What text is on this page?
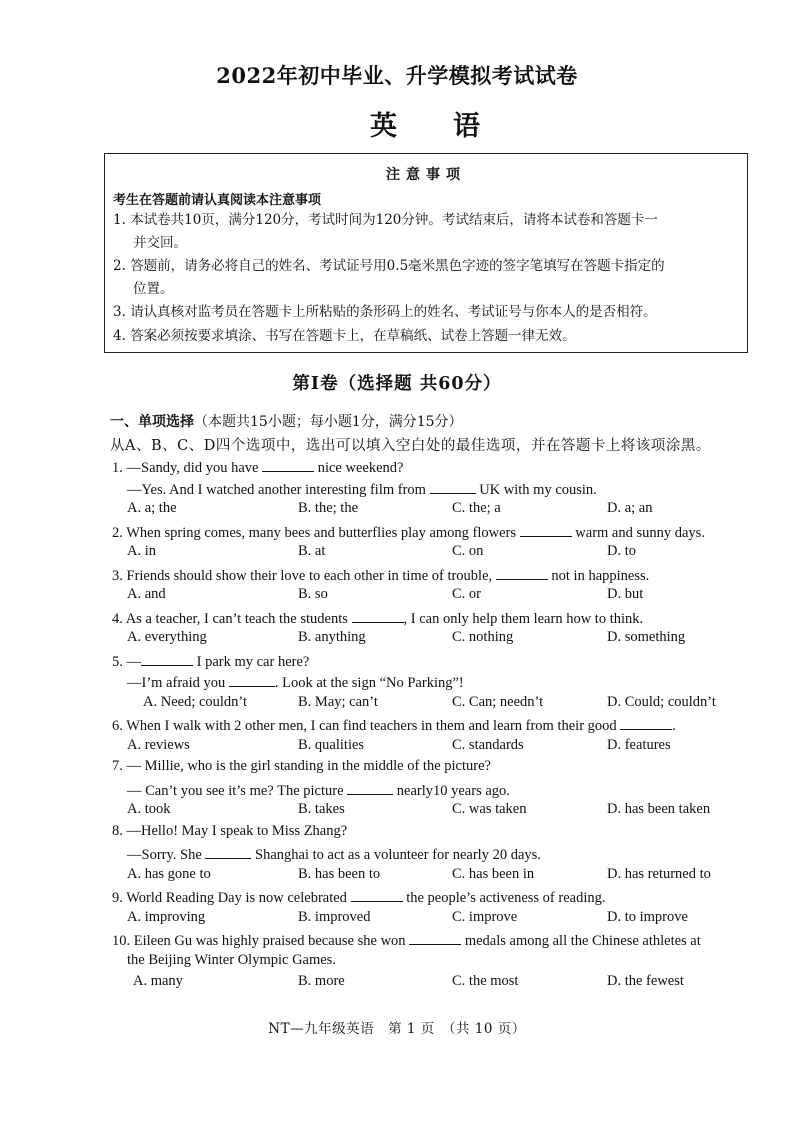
2022年初中毕业、升学模拟考试试卷
英语
注意事项
考生在答题前请认真阅读本注意事项
1. 本试卷共10页，满分120分，考试时间为120分钟。考试结束后，请将本试卷和答题卡一
并交回。
2. 答题前，请务必将自己的姓名、考试证号用0.5毫米黑色字迹的签字笔填写在答题卡指定的
位置。
3. 请认真核对监考员在答题卡上所粘贴的条形码上的姓名、考试证号与你本人的是否相符。
4. 答案必须按要求填涂、书写在答题卡上，在草稿纸、试卷上答题一律无效。
第Ⅰ卷（选择题 共60分）
一、单项选择（本题共15小题；每小题1分，满分15分）
从A、B、C、D四个选项中，选出可以填入空白处的最佳选项，并在答题卡上将该项涂黑。
1. —Sandy, did you have	nice weekend?
—Yes. And I watched another interesting film from	UK with my cousin.
A. a; the	B. the; the	C. the; a	D. a; an
2. When spring comes, many bees and butterflies play among flowers	warm and sunny days.
A. in	B. at	C. on	D. to
3. Friends should show their love to each other in time of trouble,	not in happiness.
A. and	B. so	C. or	D. but
4. As a teacher, I can’t teach the students	, I can only help them learn how to think.
A. everything	B. anything	C. nothing	D. something
5. —	I park my car here?
—I’m afraid you	. Look at the sign “No Parking”!
A. Need; couldn’t	B. May; can’t	C. Can; needn’t	D. Could; couldn’t
6. When I walk with 2 other men, I can find teachers in them and learn from their good	.
A. reviews	B. qualities	C. standards	D. features
7. — Millie, who is the girl standing in the middle of the picture?
— Can’t you see it’s me? The picture	nearly10 years ago.
A. took	B. takes	C. was taken	D. has been taken
8. —Hello! May I speak to Miss Zhang?
—Sorry. She	Shanghai to act as a volunteer for nearly 20 days.
A. has gone to	B. has been to	C. has been in	D. has returned to
9. World Reading Day is now celebrated	the people’s activeness of reading.
A. improving	B. improved	C. improve	D. to improve
10. Eileen Gu was highly praised because she won	medals among all the Chinese athletes at
the Beijing Winter Olympic Games.
A. many	B. more	C. the most	D. the fewest
NT—九年级英语　第 1 页　（共 10 页）
